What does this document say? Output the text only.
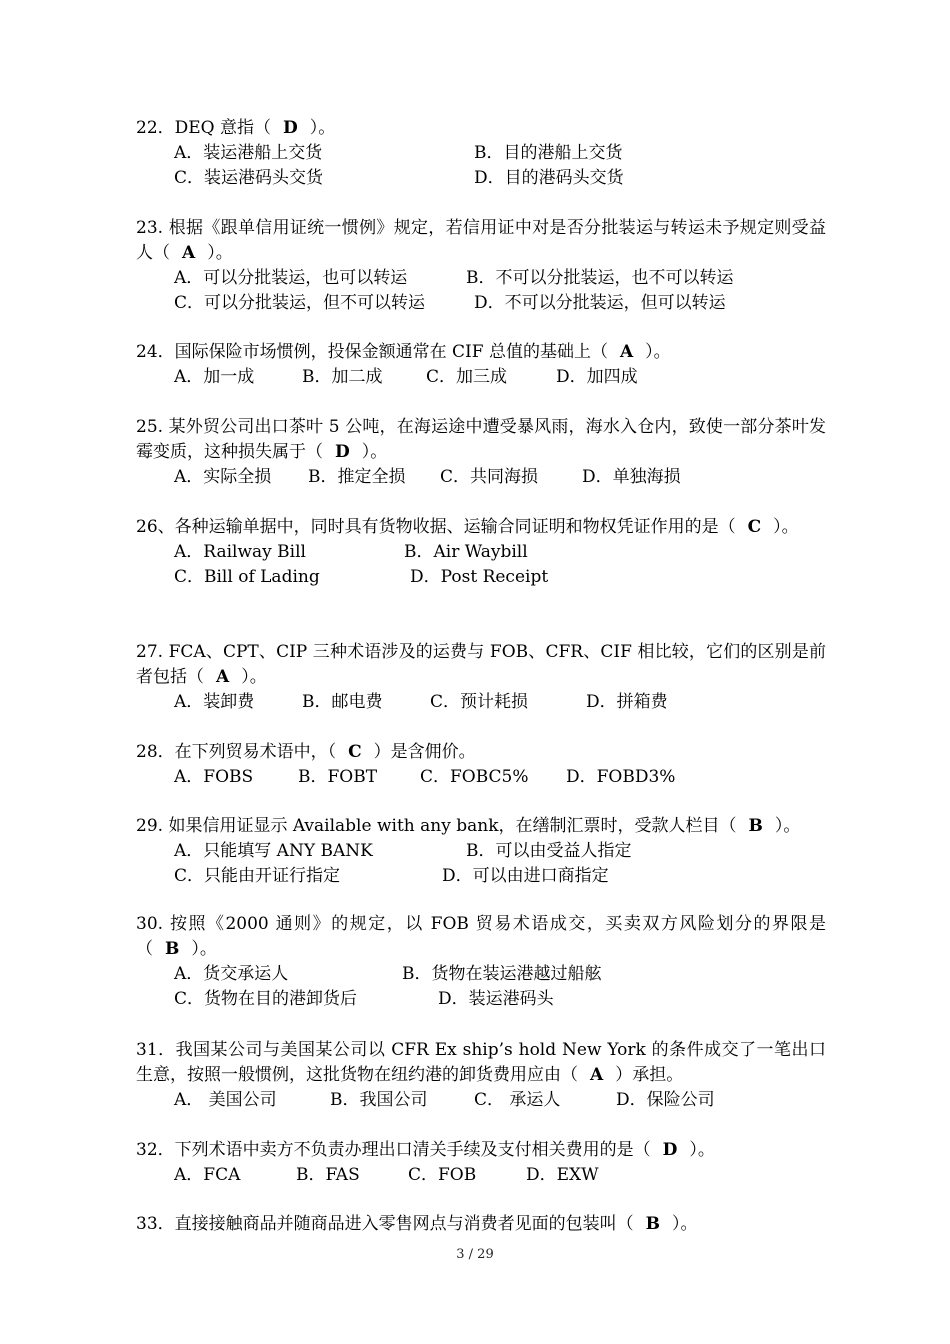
22．DEQ 意指（ D ）。
A．装运港船上交货	B．目的港船上交货
C．装运港码头交货	D．目的港码头交货
23. 根据《跟单信用证统一惯例》规定，若信用证中对是否分批装运与转运未予规定则受益人（ A ）。
A．可以分批装运，也可以转运	B．不可以分批装运，也不可以转运
C．可以分批装运，但不可以转运	D．不可以分批装运，但可以转运
24．国际保险市场惯例，投保金额通常在 CIF 总值的基础上（ A ）。
A．加一成	B．加二成	C．加三成	D．加四成
25. 某外贸公司出口茶叶 5 公吨，在海运途中遭受暴风雨，海水入仓内，致使一部分茶叶发霉变质，这种损失属于（ D ）。
A．实际全损 B．推定全损 C．共同海损	D．单独海损
26、各种运输单据中，同时具有货物收据、运输合同证明和物权凭证作用的是（ C ）。
A．Railway Bill	B．Air Waybill
C．Bill of Lading	D．Post Receipt
27. FCA、CPT、CIP 三种术语涉及的运费与 FOB、CFR、CIF 相比较，它们的区别是前者包括（ A ）。
A．装卸费	B．邮电费	C．预计耗损	D．拼箱费
28．在下列贸易术语中，（ C ）是含佣价。
A．FOBS	B．FOBT	C．FOBC5% D．FOBD3%
29. 如果信用证显示 Available with any bank，在缮制汇票时，受款人栏目（ B ）。
A．只能填写 ANY BANK	B．可以由受益人指定
C．只能由开证行指定	D．可以由进口商指定
30. 按照《2000 通则》的规定，以 FOB 贸易术语成交，买卖双方风险划分的界限是（ B ）。
A．货交承运人	B．货物在装运港越过船舷
C．货物在目的港卸货后	D．装运港码头
31．我国某公司与美国某公司以 CFR Ex ship’s hold New York 的条件成交了一笔出口生意，按照一般惯例，这批货物在纽约港的卸货费用应由（ A ）承担。
A． 美国公司	B．我国公司	C． 承运人	D．保险公司
32．下列术语中卖方不负责办理出口清关手续及支付相关费用的是（ D ）。
A．FCA	B．FAS	C．FOB	D．EXW
33．直接接触商品并随商品进入零售网点与消费者见面的包装叫（ B ）。
3 / 29
